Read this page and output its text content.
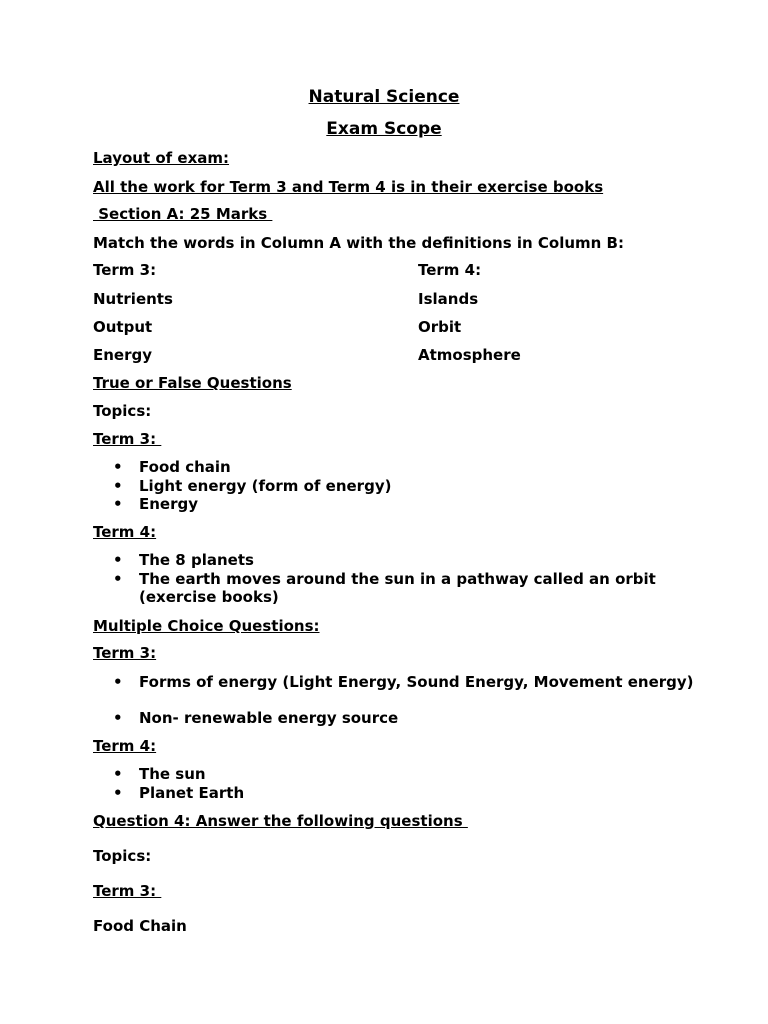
Natural Science
Exam Scope
Layout of exam:
All the work for Term 3 and Term 4 is in their exercise books
Section A: 25 Marks
Match the words in Column A with the definitions in Column B:
Term 3:	Term 4:
Nutrients	Islands
Output	Orbit
Energy	Atmosphere
True or False Questions
Topics:
Term 3:
• Food chain
• Light energy (form of energy)
• Energy
Term 4:
• The 8 planets
• The earth moves around the sun in a pathway called an orbit (exercise books)
Multiple Choice Questions:
Term 3:
• Forms of energy (Light Energy, Sound Energy, Movement energy)
• Non- renewable energy source
Term 4:
• The sun
• Planet Earth
Question 4: Answer the following questions
Topics:
Term 3:
Food Chain
